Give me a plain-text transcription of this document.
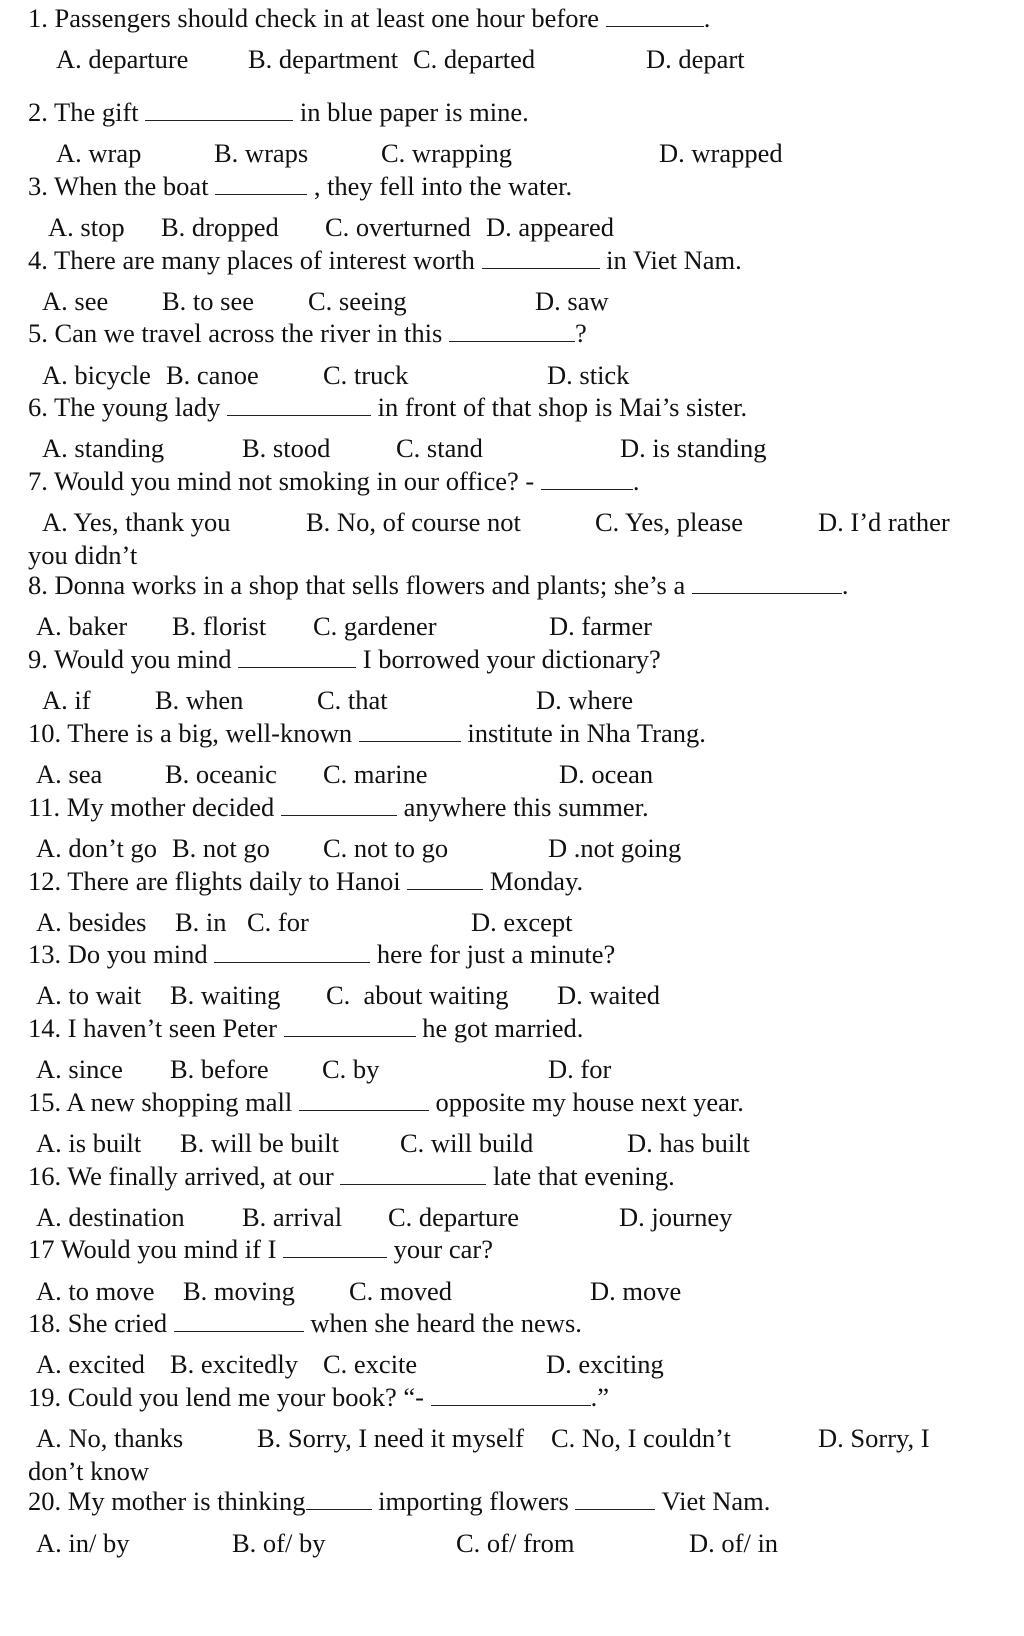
1. Passengers should check in at least one hour before	.
A. departure B. department C. departed	D. depart
2. The gift	in blue paper is mine.
A. wrap	B. wraps	C. wrapping	D. wrapped
3. When the boat	, they fell into the water.
A. stop B. dropped C. overturned D. appeared
4. There are many places of interest worth	in Viet Nam.
A. see B. to see C. seeing	D. saw
5. Can we travel across the river in this	?
A. bicycle B. canoe C. truck	D. stick
6. The young lady	in front of that shop is Mai’s sister.
A. standing	B. stood C. stand	D. is standing
7. Would you mind not smoking in our office? -	.
A. Yes, thank you	B. No, of course not	C. Yes, please	D. I’d rather
you didn’t
8. Donna works in a shop that sells flowers and plants; she’s a	.
A. baker B. florist C. gardener	D. farmer
9. Would you mind	I borrowed your dictionary?
A. if B. when	C. that	D. where
10. There is a big, well-known	institute in Nha Trang.
A. sea B. oceanic C. marine	D. ocean
11. My mother decided	anywhere this summer.
A. don’t go B. not go C. not to go	D .not going
12. There are flights daily to Hanoi	Monday.
A. besides B. in C. for	D. except
13. Do you mind	here for just a minute?
A. to wait B. waiting C.  about waiting D. waited
14. I haven’t seen Peter	he got married.
A. since B. before C. by	D. for
15. A new shopping mall	opposite my house next year.
A. is built B. will be built C. will build	D. has built
16. We finally arrived, at our	late that evening.
A. destination B. arrival C. departure	D. journey
17 Would you mind if I	your car?
A. to move B. moving C. moved	D. move
18. She cried	when she heard the news.
A. excited B. excitedly C. excite	D. exciting
19. Could you lend me your book? “-	.”
A. No, thanks	B. Sorry, I need it myself C. No, I couldn’t	D. Sorry, I
don’t know
20. My mother is thinking	importing flowers	Viet Nam.
A. in/ by	B. of/ by	C. of/ from	D. of/ in
